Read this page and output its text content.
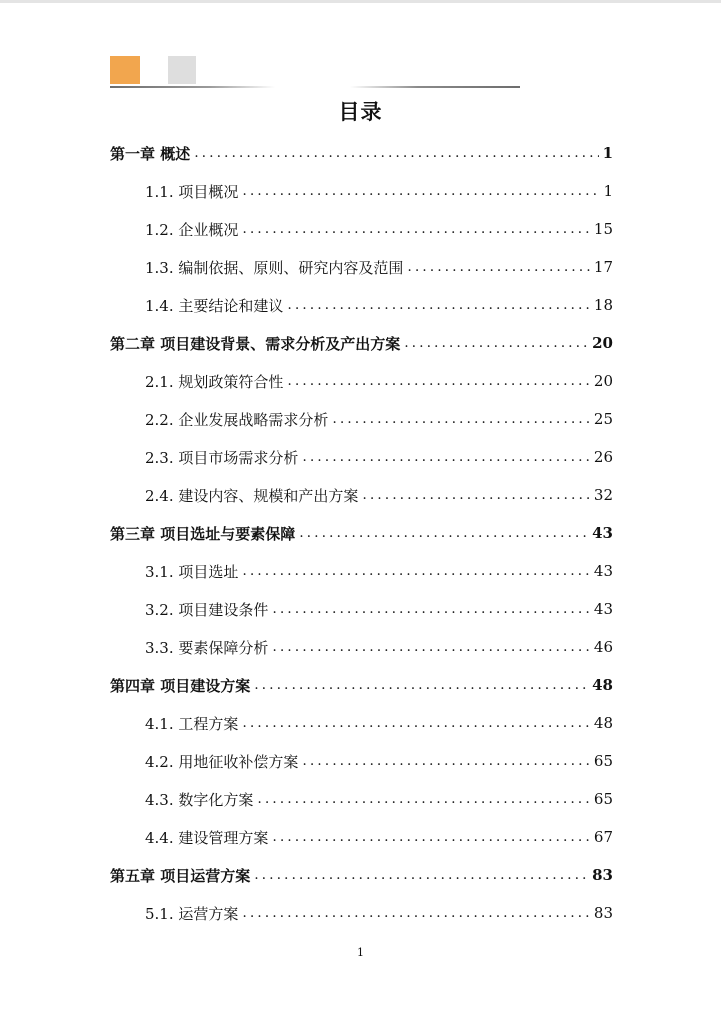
目录
第一章 概述 .....	1
1.1. 项目概况 .....	1
1.2. 企业概况 .....	15
1.3. 编制依据、原则、研究内容及范围 .....	17
1.4. 主要结论和建议 .....	18
第二章 项目建设背景、需求分析及产出方案 .....	20
2.1. 规划政策符合性 .....	20
2.2. 企业发展战略需求分析 .....	25
2.3. 项目市场需求分析 .....	26
2.4. 建设内容、规模和产出方案 .....	32
第三章 项目选址与要素保障 .....	43
3.1. 项目选址 .....	43
3.2. 项目建设条件 .....	43
3.3. 要素保障分析 .....	46
第四章 项目建设方案 .....	48
4.1. 工程方案 .....	48
4.2. 用地征收补偿方案 .....	65
4.3. 数字化方案 .....	65
4.4. 建设管理方案 .....	67
第五章 项目运营方案 .....	83
5.1. 运营方案 .....	83
1
